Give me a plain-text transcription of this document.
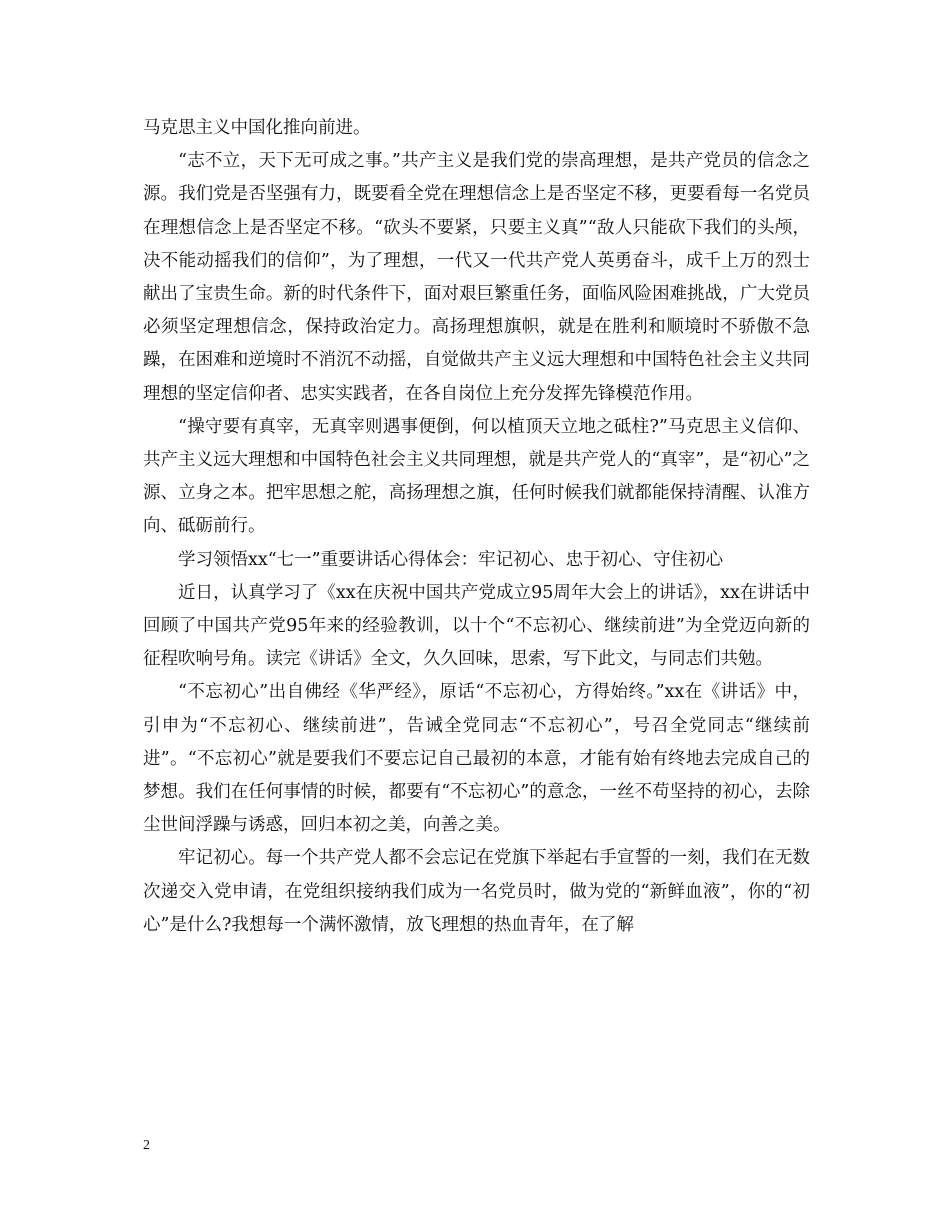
马克思主义中国化推向前进。

“志不立，天下无可成之事。”共产主义是我们党的崇高理想，是共产党员的信念之源。我们党是否坚强有力，既要看全党在理想信念上是否坚定不移，更要看每一名党员在理想信念上是否坚定不移。“砍头不要紧，只要主义真”“敌人只能砍下我们的头颅，决不能动摇我们的信仰”，为了理想，一代又一代共产党人英勇奋斗，成千上万的烈士献出了宝贵生命。新的时代条件下，面对艰巨繁重任务，面临风险困难挑战，广大党员必须坚定理想信念，保持政治定力。高扬理想旗帜，就是在胜利和顺境时不骄傲不急躁，在困难和逆境时不消沉不动摇，自觉做共产主义远大理想和中国特色社会主义共同理想的坚定信仰者、忠实实践者，在各自岗位上充分发挥先锋模范作用。

“操守要有真宰，无真宰则遇事便倒，何以植顶天立地之砥柱?”马克思主义信仰、共产主义远大理想和中国特色社会主义共同理想，就是共产党人的“真宰”，是“初心”之源、立身之本。把牢思想之舵，高扬理想之旗，任何时候我们就都能保持清醒、认准方向、砥砺前行。

学习领悟xx“七一”重要讲话心得体会：牢记初心、忠于初心、守住初心

近日，认真学习了《xx在庆祝中国共产党成立95周年大会上的讲话》，xx在讲话中回顾了中国共产党95年来的经验教训，以十个“不忘初心、继续前进”为全党迈向新的征程吹响号角。读完《讲话》全文，久久回味，思索，写下此文，与同志们共勉。

“不忘初心”出自佛经《华严经》，原话“不忘初心，方得始终。”xx在《讲话》中，引申为“不忘初心、继续前进”，告诫全党同志“不忘初心”，号召全党同志“继续前进”。“不忘初心”就是要我们不要忘记自己最初的本意，才能有始有终地去完成自己的梦想。我们在任何事情的时候，都要有“不忘初心”的意念，一丝不苟坚持的初心，去除尘世间浮躁与诱惑，回归本初之美，向善之美。

牢记初心。每一个共产党人都不会忘记在党旗下举起右手宣誓的一刻，我们在无数次递交入党申请，在党组织接纳我们成为一名党员时，做为党的“新鲜血液”，你的“初心”是什么?我想每一个满怀激情，放飞理想的热血青年，在了解

2
